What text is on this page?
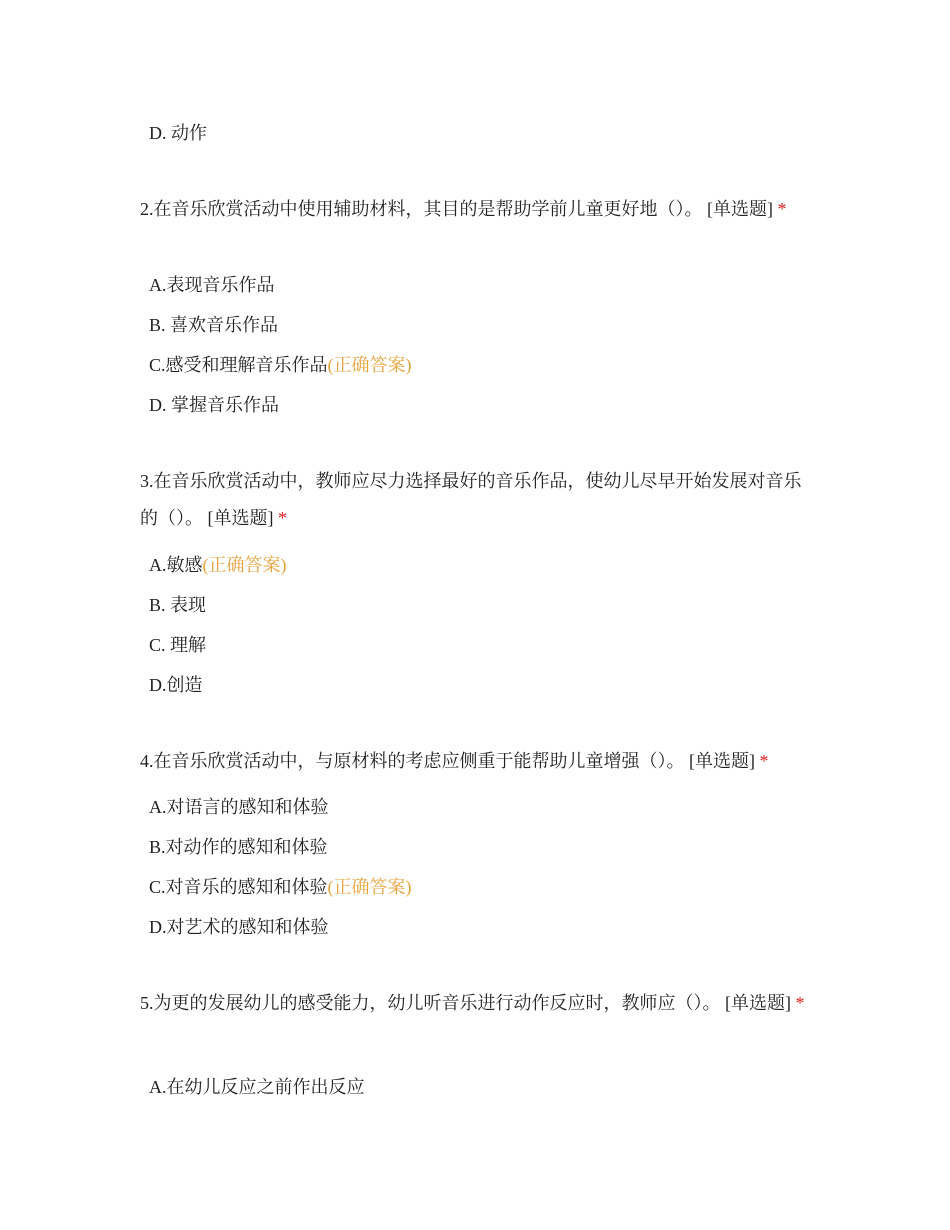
D. 动作
2.在音乐欣赏活动中使用辅助材料，其目的是帮助学前儿童更好地（）。 [单选题] *
A.表现音乐作品
B. 喜欢音乐作品
C.感受和理解音乐作品(正确答案)
D. 掌握音乐作品
3.在音乐欣赏活动中，教师应尽力选择最好的音乐作品，使幼儿尽早开始发展对音乐的（）。 [单选题] *
A.敏感(正确答案)
B. 表现
C. 理解
D.创造
4.在音乐欣赏活动中，与原材料的考虑应侧重于能帮助儿童增强（）。 [单选题] *
A.对语言的感知和体验
B.对动作的感知和体验
C.对音乐的感知和体验(正确答案)
D.对艺术的感知和体验
5.为更的发展幼儿的感受能力，幼儿听音乐进行动作反应时，教师应（）。 [单选题] *
A.在幼儿反应之前作出反应
